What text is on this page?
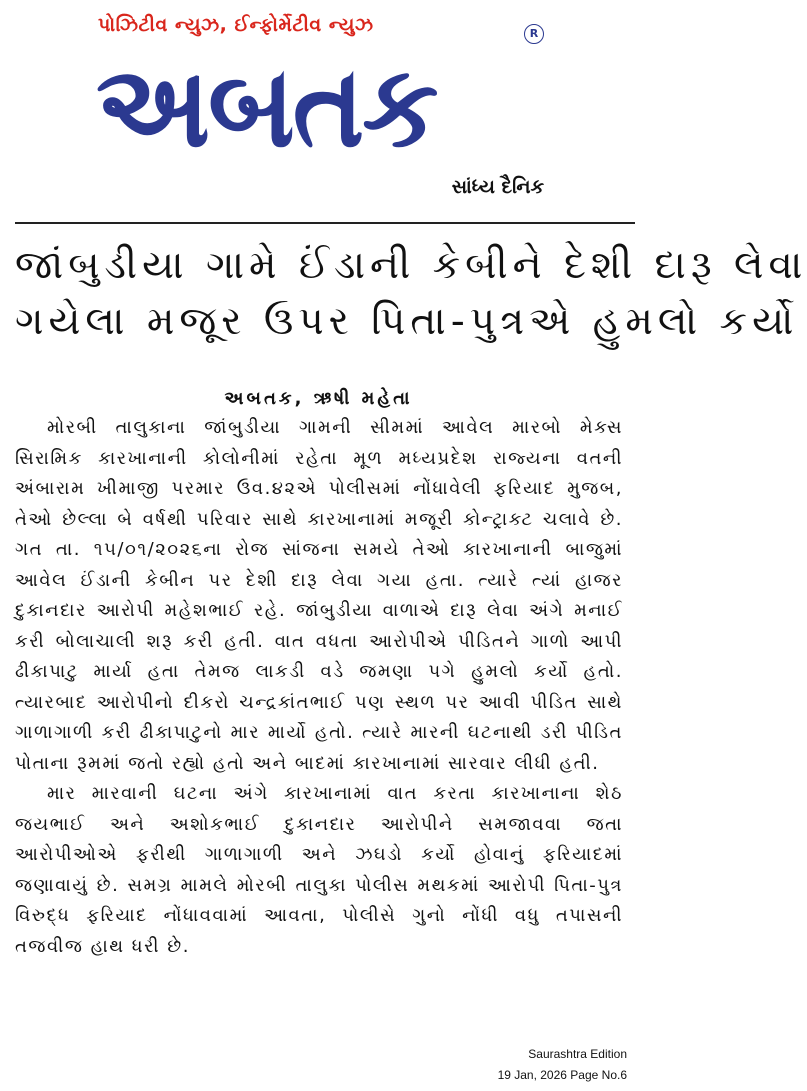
પોઝિટીવ ન્યુઝ, ઈન્ફોર્મેટીવ ન્યુઝ
અબતક
R
સાંધ્ય દૈનિક
જાંબુડીયા ગામે ઈંડાની કેબીને દેશી દારૂ લેવા
ગયેલા મજૂર ઉપર પિતા-પુત્રએ હુમલો કર્યો
અબતક, ઋષી મહેતા

મોરબી તાલુકાના જાંબુડીયા ગામની સીમમાં આવેલ મારબો મેક્સ સિરામિક કારખાનાની કોલોનીમાં રહેતા મૂળ મધ્યપ્રદેશ રાજ્યના વતની અંબારામ ખીમાજી પરમાર ઉવ.૪૨એ પોલીસમાં નોંધાવેલી ફરિયાદ મુજબ, તેઓ છેલ્લા બે વર્ષથી પરિવાર સાથે કારખાનામાં મજૂરી કોન્ટ્રાક્ટ ચલાવે છે. ગત તા. ૧૫/૦૧/૨૦૨૬ના રોજ સાંજના સમયે તેઓ કારખાનાની બાજુમાં આવેલ ઈંડાની કેબીન પર દેશી દારૂ લેવા ગયા હતા. ત્યારે ત્યાં હાજર દુકાનદાર આરોપી મહેશભાઈ રહે. જાંબુડીયા વાળાએ દારૂ લેવા અંગે મનાઈ કરી બોલાચાલી શરૂ કરી હતી. વાત વધતા આરોપીએ પીડિતને ગાળો આપી ઢીકાપાટુ માર્યા હતા તેમજ લાકડી વડે જમણા પગે હુમલો કર્યો હતો. ત્યારબાદ આરોપીનો દીકરો ચન્દ્રકાંતભાઈ પણ સ્થળ પર આવી પીડિત સાથે ગાળાગાળી કરી ઢીકાપાટુનો માર માર્યો હતો. ત્યારે મારની ઘટનાથી ડરી પીડિત પોતાના રૂમમાં જતો રહ્યો હતો અને બાદમાં કારખાનામાં સારવાર લીધી હતી.

માર મારવાની ઘટના અંગે કારખાનામાં વાત કરતા કારખાનાના શેઠ જયભાઈ અને અશોકભાઈ દુકાનદાર આરોપીને સમજાવવા જતા આરોપીઓએ ફરીથી ગાળાગાળી અને ઝઘડો કર્યો હોવાનું ફરિયાદમાં જણાવાયું છે. સમગ્ર મામલે મોરબી તાલુકા પોલીસ મથકમાં આરોપી પિતા-પુત્ર વિરુદ્ધ ફરિયાદ નોંધાવવામાં આવતા, પોલીસે ગુનો નોંધી વધુ તપાસની તજવીજ હાથ ધરી છે.

Saurashtra Edition
19 Jan, 2026 Page No.6
